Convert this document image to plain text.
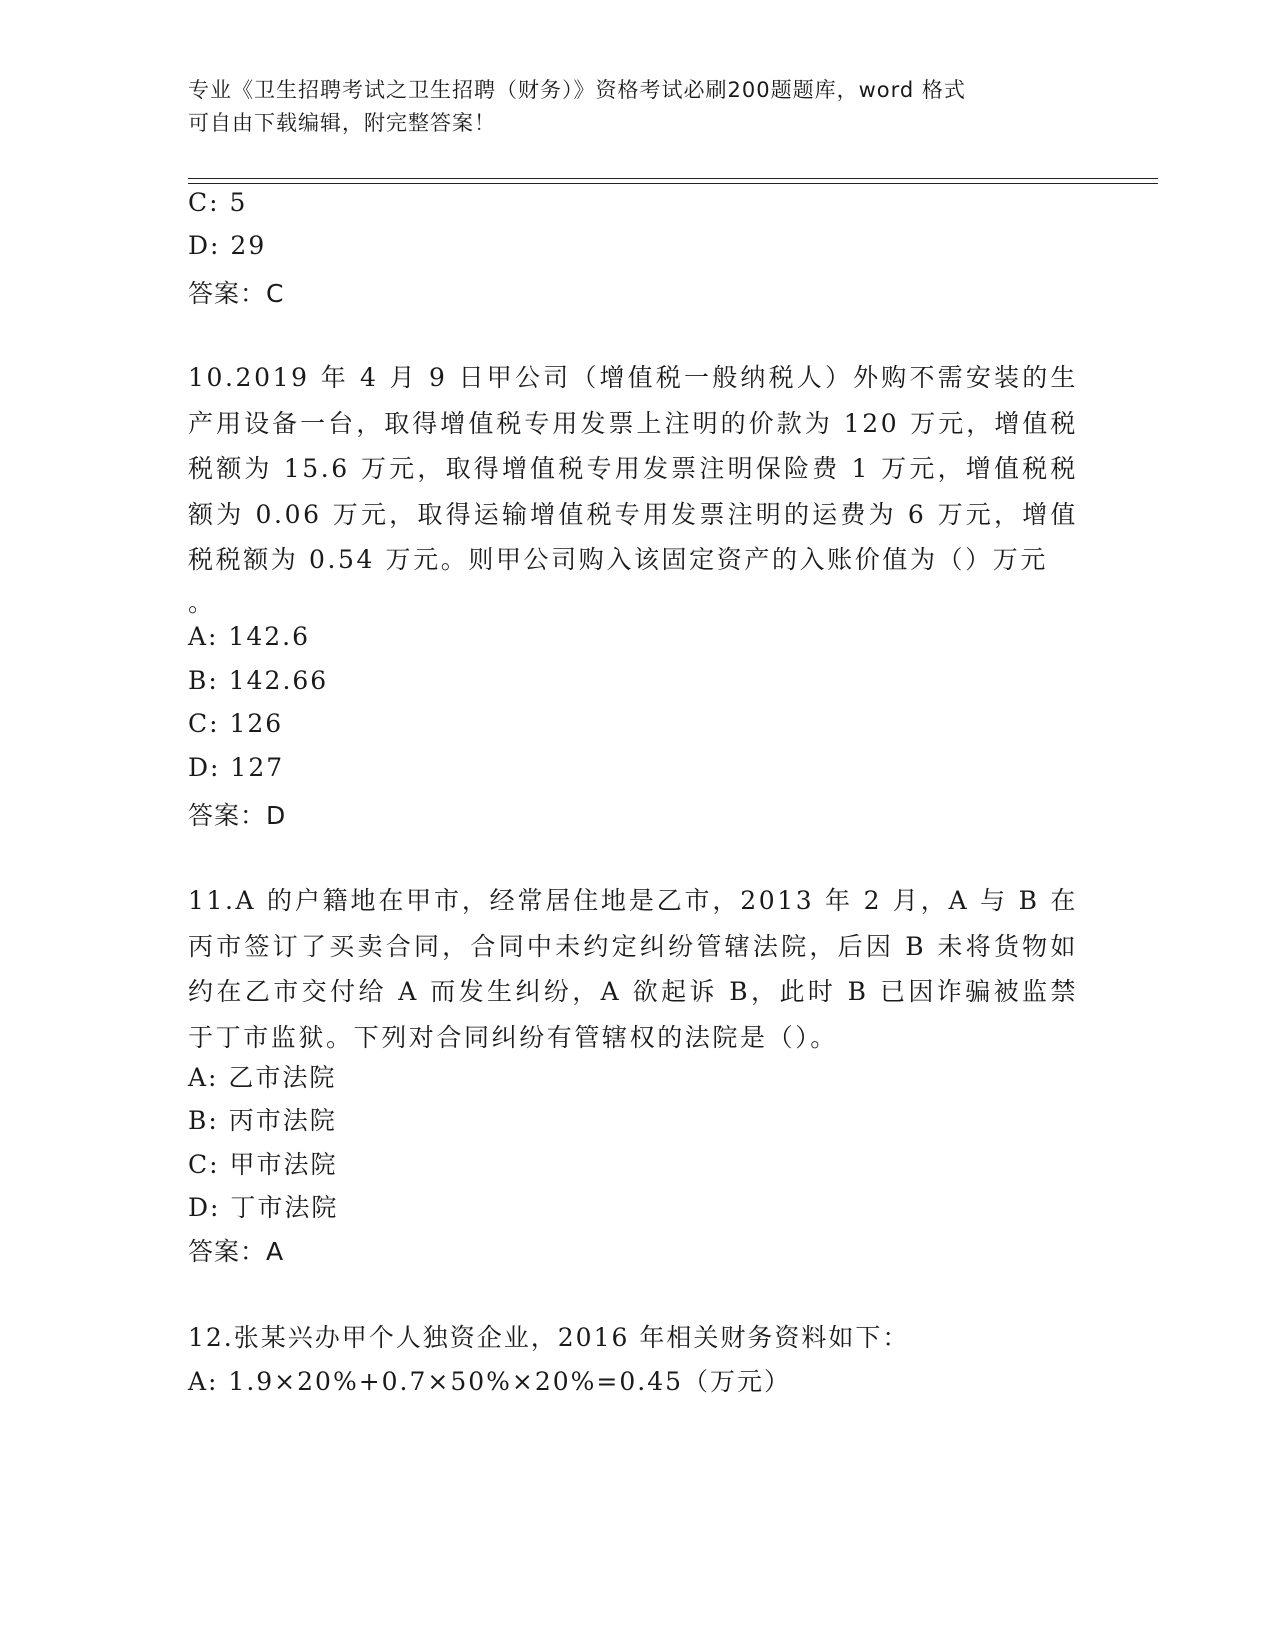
专业《卫生招聘考试之卫生招聘（财务）》资格考试必刷200题题库，word 格式
可自由下载编辑，附完整答案！
C: 5
D: 29
答案：C
10.2019 年 4 月 9 日甲公司（增值税一般纳税人）外购不需安装的生产用设备一台，取得增值税专用发票上注明的价款为 120 万元，增值税税额为 15.6 万元，取得增值税专用发票注明保险费 1 万元，增值税税额为 0.06 万元，取得运输增值税专用发票注明的运费为 6 万元，增值税税额为 0.54 万元。则甲公司购入该固定资产的入账价值为（）万元
。
A: 142.6
B: 142.66
C: 126
D: 127
答案：D
11.A 的户籍地在甲市，经常居住地是乙市，2013 年 2 月，A 与 B 在丙市签订了买卖合同，合同中未约定纠纷管辖法院，后因 B 未将货物如约在乙市交付给 A 而发生纠纷，A 欲起诉 B，此时 B 已因诈骗被监禁于丁市监狱。下列对合同纠纷有管辖权的法院是（）。
A: 乙市法院
B: 丙市法院
C: 甲市法院
D: 丁市法院
答案：A
12.张某兴办甲个人独资企业，2016 年相关财务资料如下：
A: 1.9×20%+0.7×50%×20%=0.45（万元）
